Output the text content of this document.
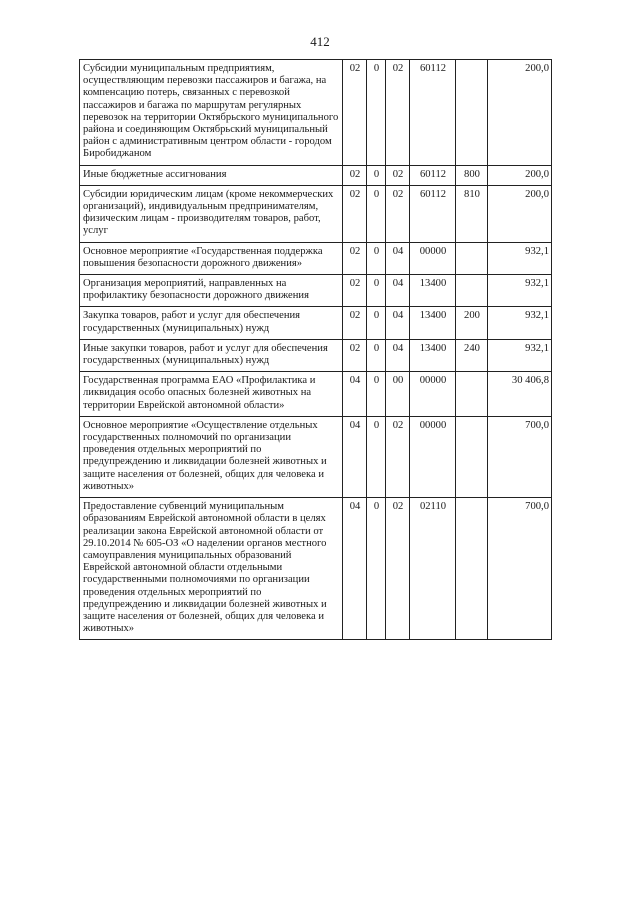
412
Субсидии муниципальным предприятиям, осуществляющим перевозки пассажиров и багажа, на компенсацию потерь, связанных с перевозкой пассажиров и багажа по маршрутам регулярных перевозок на территории Октябрьского муниципального района и соединяющим Октябрьский муниципальный район с административным центром области - городом Биробиджаном	02	0	02	60112		200,0
Иные бюджетные ассигнования	02	0	02	60112	800	200,0
Субсидии юридическим лицам (кроме некоммерческих организаций), индивидуальным предпринимателям, физическим лицам - производителям товаров, работ, услуг	02	0	02	60112	810	200,0
Основное мероприятие «Государственная поддержка повышения безопасности дорожного движения»	02	0	04	00000		932,1
Организация мероприятий, направленных на профилактику безопасности дорожного движения	02	0	04	13400		932,1
Закупка товаров, работ и услуг для обеспечения государственных (муниципальных) нужд	02	0	04	13400	200	932,1
Иные закупки товаров, работ и услуг для обеспечения государственных (муниципальных) нужд	02	0	04	13400	240	932,1
Государственная программа ЕАО «Профилактика и ликвидация особо опасных болезней животных на территории Еврейской автономной области»	04	0	00	00000		30 406,8
Основное мероприятие «Осуществление отдельных государственных полномочий по организации проведения отдельных мероприятий по предупреждению и ликвидации болезней животных и защите населения от болезней, общих для человека и животных»	04	0	02	00000		700,0
Предоставление субвенций муниципальным образованиям Еврейской автономной области в целях реализации закона Еврейской автономной области от 29.10.2014 № 605-ОЗ «О наделении органов местного самоуправления муниципальных образований Еврейской автономной области отдельными государственными полномочиями по организации проведения отдельных мероприятий по предупреждению и ликвидации болезней животных и защите населения от болезней, общих для человека и животных»	04	0	02	02110		700,0
